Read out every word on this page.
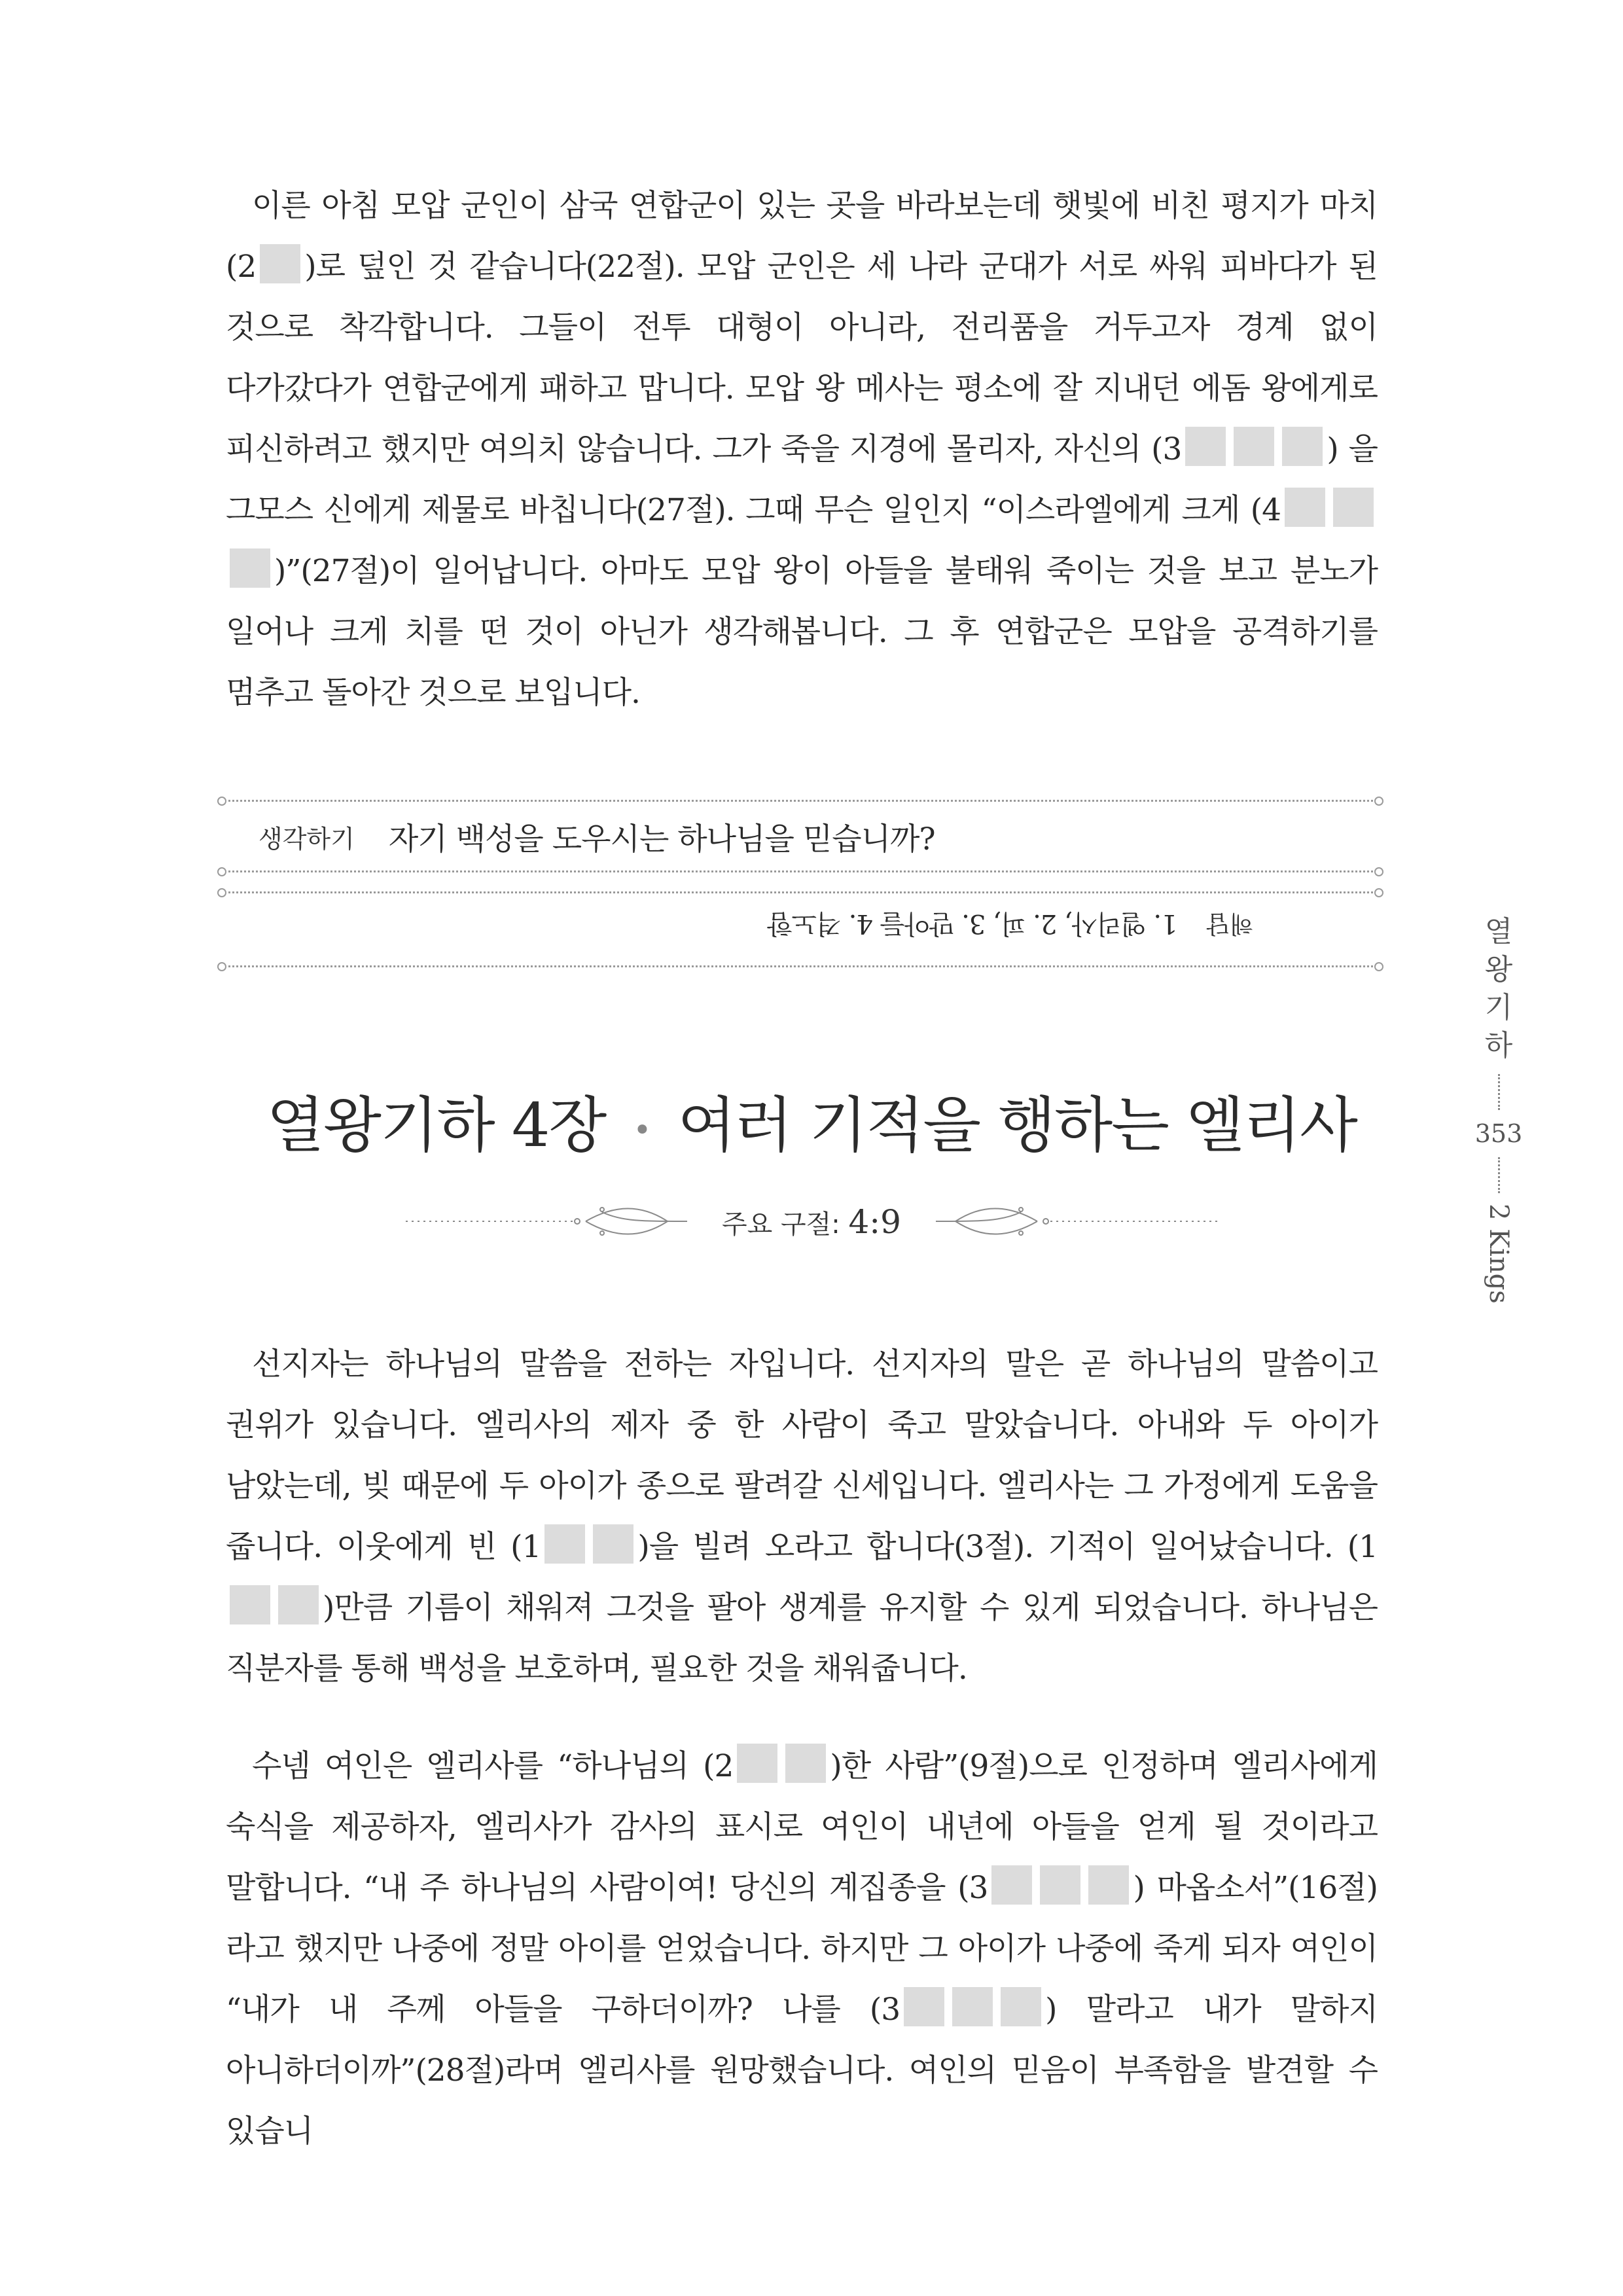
이른 아침 모압 군인이 삼국 연합군이 있는 곳을 바라보는데 햇빛에 비친 평지가 마치 (2 )로 덮인 것 같습니다(22절). 모압 군인은 세 나라 군대가 서로 싸워 피바다가 된 것으로 착각합니다. 그들이 전투 대형이 아니라, 전리품을 거두고자 경계 없이 다가갔다가 연합군에게 패하고 맙니다. 모압 왕 메사는 평소에 잘 지내던 에돔 왕에게로 피신하려고 했지만 여의치 않습니다. 그가 죽을 지경에 몰리자, 자신의 (3	) 을 그모스 신에게 제물로 바칩니다(27절). 그때 무슨 일인지 “이스라엘에게 크게 (4)”(27절)이 일어납니다. 아마도 모압 왕이 아들을 불태워 죽이는 것을 보고 분노가 일어나 크게 치를 떤 것이 아닌가 생각해봅니다. 그 후 연합군은 모압을 공격하기를 멈추고 돌아간 것으로 보입니다.

생각하기 자기 백성을 도우시는 하나님을 믿습니까?
해답
1. 엘리사, 2. 피, 3. 맏아들 4. 격노함
열왕기하 4장 • 여러 기적을 행하는 엘리사
주요 구절: 4:9

선지자는 하나님의 말씀을 전하는 자입니다. 선지자의 말은 곧 하나님의 말씀이고 권위가 있습니다. 엘리사의 제자 중 한 사람이 죽고 말았습니다. 아내와 두 아이가 남았는데, 빚 때문에 두 아이가 종으로 팔려갈 신세입니다. 엘리사는 그 가정에게 도움을 줍니다. 이웃에게 빈 (1	)을 빌려 오라고 합니다(3절). 기적이 일어났습니다. (1)만큼 기름이 채워져 그것을 팔아 생계를 유지할 수 있게 되었습니다. 하나님은 직분자를 통해 백성을 보호하며, 필요한 것을 채워줍니다.

수넴 여인은 엘리사를 “하나님의 (2	)한 사람”(9절)으로 인정하며 엘리사에게 숙식을 제공하자, 엘리사가 감사의 표시로 여인이 내년에 아들을 얻게 될 것이라고 말합니다. “내 주 하나님의 사람이여! 당신의 계집종을 (3	) 마옵소서”(16절)라고 했지만 나중에 정말 아이를 얻었습니다. 하지만 그 아이가 나중에 죽게 되자 여인이 “내가 내 주께 아들을 구하더이까? 나를 (3	) 말라고 내가 말하지 아니하더이까”(28절)라며 엘리사를 원망했습니다. 여인의 믿음이 부족함을 발견할 수 있습니

열왕기하
353
2 Kings
